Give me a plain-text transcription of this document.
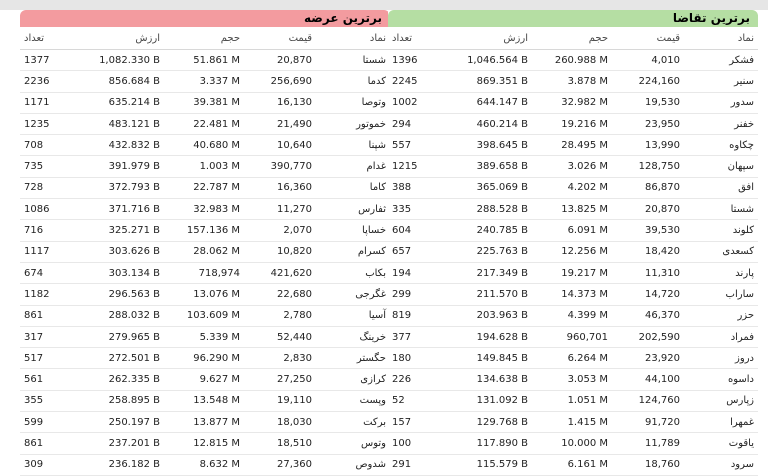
برترین عرضه
تعداد	ارزش	حجم	قیمت	نماد
1377	1,082.330 B	51.861 M	20,870	شستا
2236	856.684 B	3.337 M	256,690	کدما
1171	635.214 B	39.381 M	16,130	وتوصا
1235	483.121 B	22.481 M	21,490	خموتور
708	432.832 B	40.680 M	10,640	شپنا
735	391.979 B	1.003 M	390,770	غدام
728	372.793 B	22.787 M	16,360	کاما
1086	371.716 B	32.983 M	11,270	ثفارس
716	325.271 B	157.136 M	2,070	خساپا
1117	303.626 B	28.062 M	10,820	کسرام
674	303.134 B	718,974	421,620	بکاب
1182	296.563 B	13.076 M	22,680	غگرجی
861	288.032 B	103.609 M	2,780	آسیا
317	279.965 B	5.339 M	52,440	خرینگ
517	272.501 B	96.290 M	2,830	حگستر
561	262.335 B	9.627 M	27,250	کرازی
355	258.895 B	13.548 M	19,110	وپست
599	250.197 B	13.877 M	18,030	برکت
861	237.201 B	12.815 M	18,510	وتوس
309	236.182 B	8.632 M	27,360	شدوص
برترین تقاضا
تعداد	ارزش	حجم	قیمت	نماد
1396	1,046.564 B	260.988 M	4,010	فشکر
2245	869.351 B	3.878 M	224,160	سنیر
1002	644.147 B	32.982 M	19,530	سدور
294	460.214 B	19.216 M	23,950	خفنر
557	398.645 B	28.495 M	13,990	چکاوه
1215	389.658 B	3.026 M	128,750	سپهان
388	365.069 B	4.202 M	86,870	افق
335	288.528 B	13.825 M	20,870	شستا
604	240.785 B	6.091 M	39,530	کلوند
657	225.763 B	12.256 M	18,420	کسعدی
194	217.349 B	19.217 M	11,310	پارند
299	211.570 B	14.373 M	14,720	ساراب
819	203.963 B	4.399 M	46,370	حزر
377	194.628 B	960,701	202,590	فمراد
180	149.845 B	6.264 M	23,920	دروز
226	134.638 B	3.053 M	44,100	داسوه
52	131.092 B	1.051 M	124,760	زپارس
157	129.768 B	1.415 M	91,720	غمهرا
100	117.890 B	10.000 M	11,789	یاقوت
291	115.579 B	6.161 M	18,760	سرود
